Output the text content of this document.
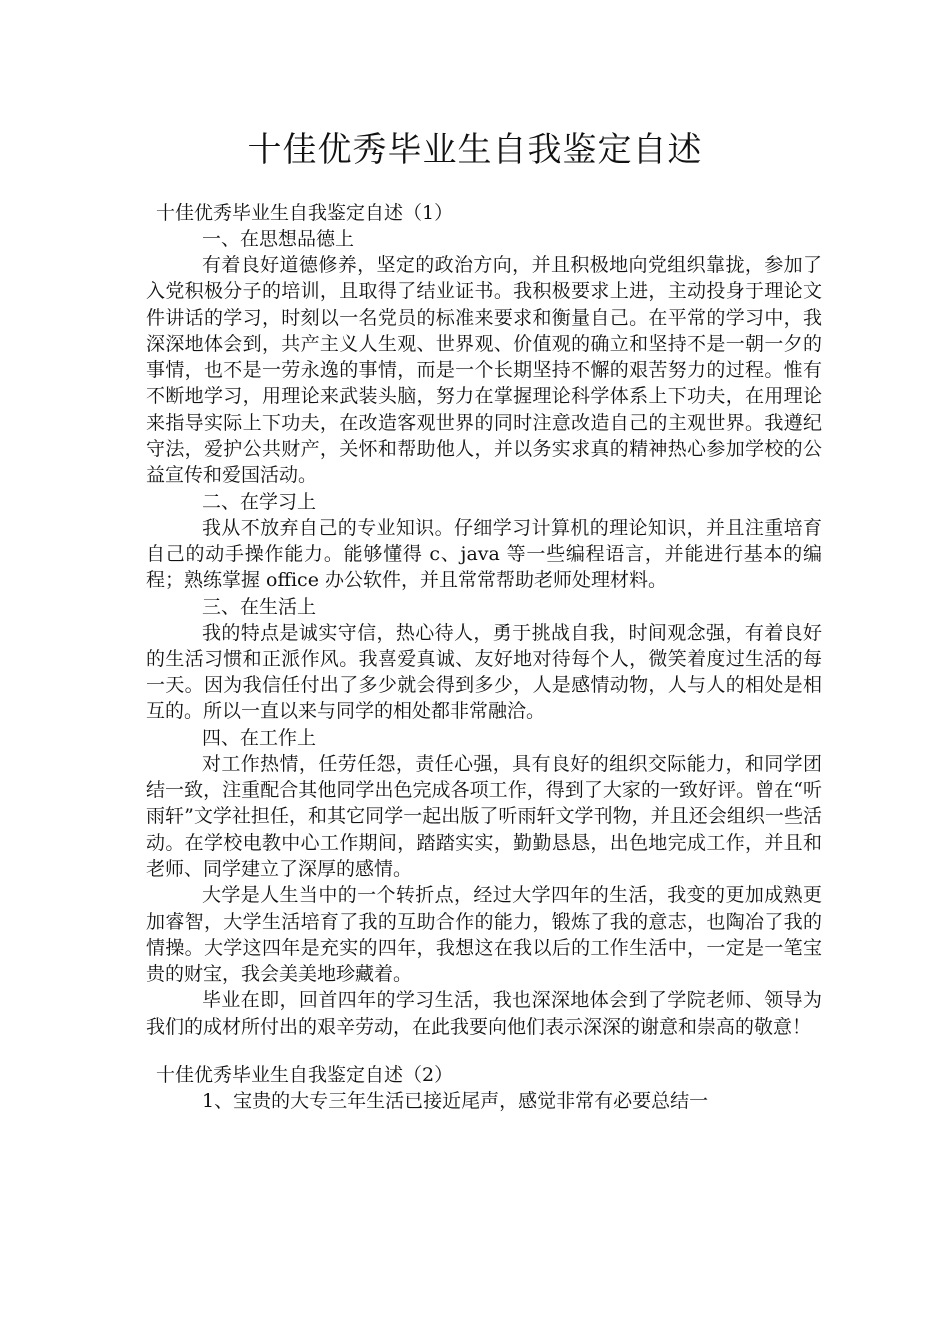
十佳优秀毕业生自我鉴定自述

十佳优秀毕业生自我鉴定自述（1）

一、在思想品德上

有着良好道德修养，坚定的政治方向，并且积极地向党组织靠拢，参加了入党积极分子的培训，且取得了结业证书。我积极要求上进，主动投身于理论文件讲话的学习，时刻以一名党员的标准来要求和衡量自己。在平常的学习中，我深深地体会到，共产主义人生观、世界观、价值观的确立和坚持不是一朝一夕的事情，也不是一劳永逸的事情，而是一个长期坚持不懈的艰苦努力的过程。惟有不断地学习，用理论来武装头脑，努力在掌握理论科学体系上下功夫，在用理论来指导实际上下功夫，在改造客观世界的同时注意改造自己的主观世界。我遵纪守法，爱护公共财产，关怀和帮助他人，并以务实求真的精神热心参加学校的公益宣传和爱国活动。

二、在学习上

我从不放弃自己的专业知识。仔细学习计算机的理论知识，并且注重培育自己的动手操作能力。能够懂得 c、java 等一些编程语言，并能进行基本的编程；熟练掌握 office 办公软件，并且常常帮助老师处理材料。

三、在生活上

我的特点是诚实守信，热心待人，勇于挑战自我，时间观念强，有着良好的生活习惯和正派作风。我喜爱真诚、友好地对待每个人，微笑着度过生活的每一天。因为我信任付出了多少就会得到多少，人是感情动物，人与人的相处是相互的。所以一直以来与同学的相处都非常融洽。

四、在工作上

对工作热情，任劳任怨，责任心强，具有良好的组织交际能力，和同学团结一致，注重配合其他同学出色完成各项工作，得到了大家的一致好评。曾在“听雨轩”文学社担任，和其它同学一起出版了听雨轩文学刊物，并且还会组织一些活动。在学校电教中心工作期间，踏踏实实，勤勤恳恳，出色地完成工作，并且和老师、同学建立了深厚的感情。

大学是人生当中的一个转折点，经过大学四年的生活，我变的更加成熟更加睿智，大学生活培育了我的互助合作的能力，锻炼了我的意志，也陶冶了我的情操。大学这四年是充实的四年，我想这在我以后的工作生活中，一定是一笔宝贵的财宝，我会美美地珍藏着。

毕业在即，回首四年的学习生活，我也深深地体会到了学院老师、领导为我们的成材所付出的艰辛劳动，在此我要向他们表示深深的谢意和崇高的敬意！

十佳优秀毕业生自我鉴定自述（2）

1、宝贵的大专三年生活已接近尾声，感觉非常有必要总结一
